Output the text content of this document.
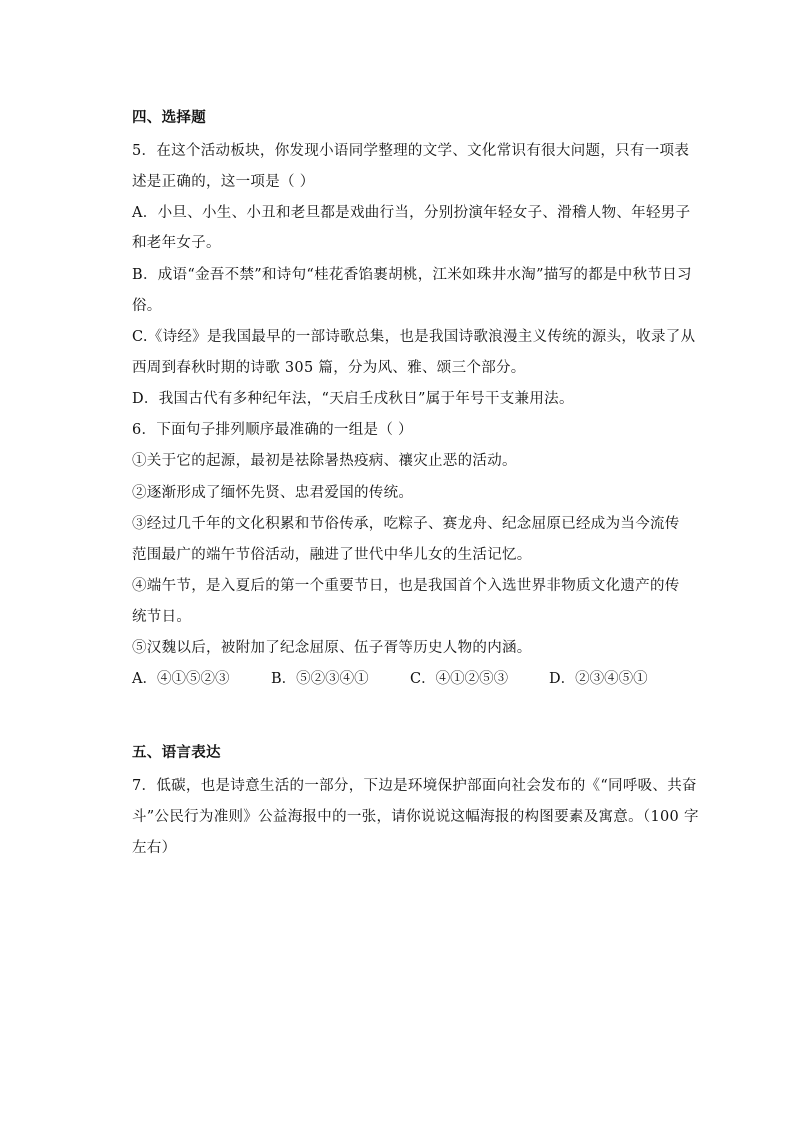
四、选择题
5．在这个活动板块，你发现小语同学整理的文学、文化常识有很大问题，只有一项表
述是正确的，这一项是（ ）
A．小旦、小生、小丑和老旦都是戏曲行当，分别扮演年轻女子、滑稽人物、年轻男子
和老年女子。
B．成语“金吾不禁”和诗句“桂花香馅裹胡桃，江米如珠井水淘”描写的都是中秋节日习
俗。
C.《诗经》是我国最早的一部诗歌总集，也是我国诗歌浪漫主义传统的源头，收录了从
西周到春秋时期的诗歌 305 篇，分为风、雅、颂三个部分。
D．我国古代有多种纪年法，“天启壬戌秋日”属于年号干支兼用法。
6．下面句子排列顺序最准确的一组是（ ）
①关于它的起源，最初是祛除暑热疫病、禳灾止恶的活动。
②逐渐形成了缅怀先贤、忠君爱国的传统。
③经过几千年的文化积累和节俗传承，吃粽子、赛龙舟、纪念屈原已经成为当今流传
范围最广的端午节俗活动，融进了世代中华儿女的生活记忆。
④端午节，是入夏后的第一个重要节日，也是我国首个入选世界非物质文化遗产的传
统节日。
⑤汉魏以后，被附加了纪念屈原、伍子胥等历史人物的内涵。
A．④①⑤②③	B．⑤②③④①	C．④①②⑤③	D．②③④⑤①
五、语言表达
7．低碳，也是诗意生活的一部分，下边是环境保护部面向社会发布的《“同呼吸、共奋
斗”公民行为准则》公益海报中的一张，请你说说这幅海报的构图要素及寓意。（100 字
左右）
